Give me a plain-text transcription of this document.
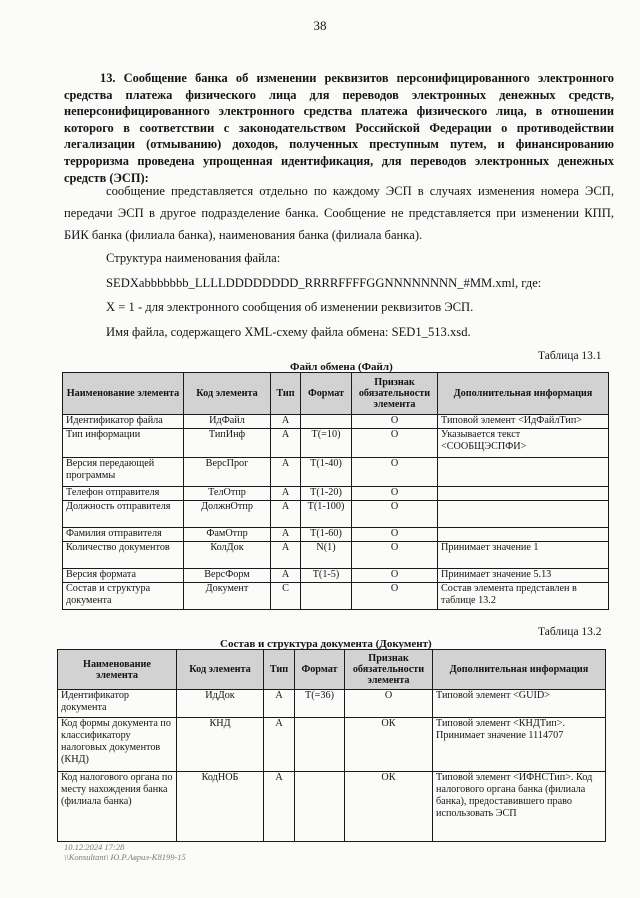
38
13. Сообщение банка об изменении реквизитов персонифицированного электронного средства платежа физического лица для переводов электронных денежных средств, неперсонифицированного электронного средства платежа физического лица, в отношении которого в соответствии с законодательством Российской Федерации о противодействии легализации (отмыванию) доходов, полученных преступным путем, и финансированию терроризма проведена упрощенная идентификация, для переводов электронных денежных средств (ЭСП):
сообщение представляется отдельно по каждому ЭСП в случаях изменения номера ЭСП, передачи ЭСП в другое подразделение банка. Сообщение не представляется при изменении КПП, БИК банка (филиала банка), наименования банка (филиала банка).
Структура наименования файла:
SEDXabbbbbbb_LLLLDDDDDDDD_RRRRFFFFGGNNNNNNNN_#MM.xml, где:
X = 1 - для электронного сообщения об изменении реквизитов ЭСП.
Имя файла, содержащего XML-схему файла обмена: SED1_513.xsd.
Таблица 13.1
Файл обмена (Файл)
Наименование элемента	Код элемента	Тип	Формат	Признак обязательности элемента	Дополнительная информация
Идентификатор файла	ИдФайл	А		О	Типовой элемент <ИдФайлТип>
Тип информации	ТипИнф	А	Т(=10)	О	Указывается текст <СООБЩЭСПФИ>
Версия передающей программы	ВерсПрог	А	Т(1-40)	О	
Телефон отправителя	ТелОтпр	А	Т(1-20)	О	
Должность отправителя	ДолжнОтпр	А	Т(1-100)	О	
Фамилия отправителя	ФамОтпр	А	Т(1-60)	О	
Количество документов	КолДок	А	N(1)	О	Принимает значение 1
Версия формата	ВерсФорм	А	Т(1-5)	О	Принимает значение 5.13
Состав и структура документа	Документ	С		О	Состав элемента представлен в таблице 13.2
Таблица 13.2
Состав и структура документа (Документ)
Наименование элемента	Код элемента	Тип	Формат	Признак обязательности элемента	Дополнительная информация
Идентификатор документа	ИдДок	А	Т(=36)	О	Типовой элемент <GUID>
Код формы документа по классификатору налоговых документов (КНД)	КНД	А		ОК	Типовой элемент <КНДТип>. Принимает значение 1114707
Код налогового органа по месту нахождения банка (филиала банка)	КодНОБ	А		ОК	Типовой элемент <ИФНСТип>. Код налогового органа банка (филиала банка), предоставившего право использовать ЭСП
10.12.2024 17:28
\\Konsultant\ Ю.Р.Аврил-К8199-15
